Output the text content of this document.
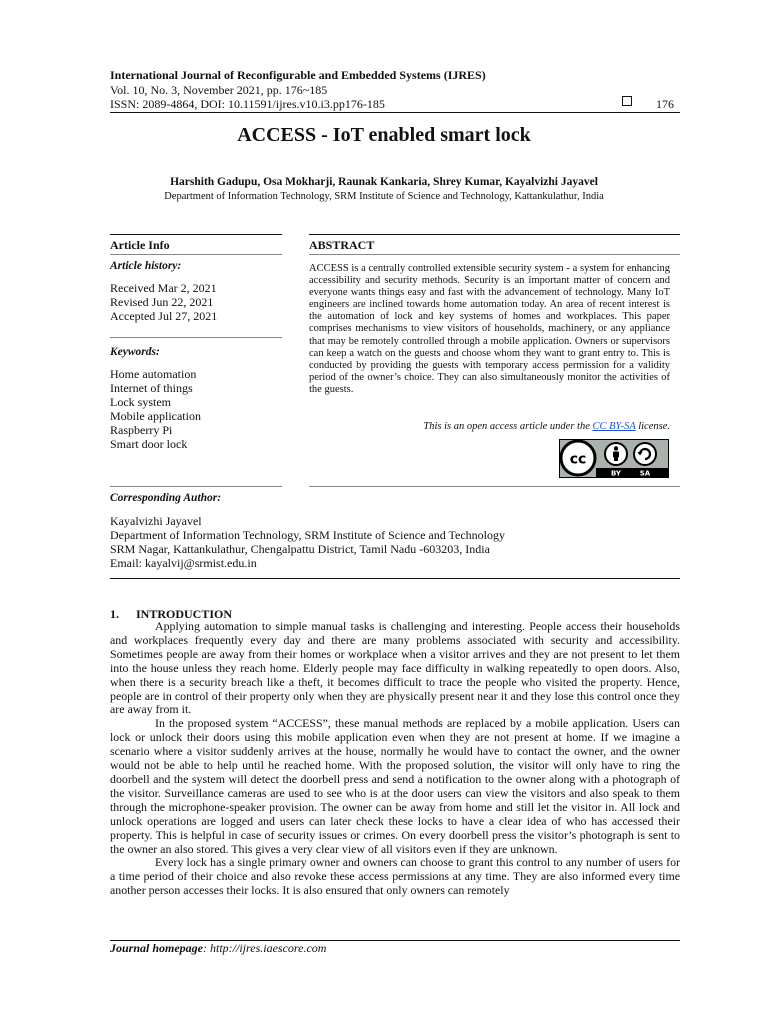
International Journal of Reconfigurable and Embedded Systems (IJRES)
Vol. 10, No. 3, November 2021, pp. 176~185
ISSN: 2089-4864, DOI: 10.11591/ijres.v10.i3.pp176-185	176
ACCESS - IoT enabled smart lock
Harshith Gadupu, Osa Mokharji, Raunak Kankaria, Shrey Kumar, Kayalvizhi Jayavel
Department of Information Technology, SRM Institute of Science and Technology, Kattankulathur, India
Article Info
Article history:
Received Mar 2, 2021
Revised Jun 22, 2021
Accepted Jul 27, 2021
Keywords:
Home automation
Internet of things
Lock system
Mobile application
Raspberry Pi
Smart door lock
ABSTRACT
ACCESS is a centrally controlled extensible security system - a system for enhancing accessibility and security methods. Security is an important matter of concern and everyone wants things easy and fast with the advancement of technology. Many IoT engineers are inclined towards home automation today. An area of recent interest is the automation of lock and key systems of homes and workplaces. This paper comprises mechanisms to view visitors of households, machinery, or any appliance that may be remotely controlled through a mobile application. Owners or supervisors can keep a watch on the guests and choose whom they want to grant entry to. This is conducted by providing the guests with temporary access permission for a validity period of the owner’s choice. They can also simultaneously monitor the activities of the guests.
This is an open access article under the CC BY-SA license.
cc
BY	SA
Corresponding Author:
Kayalvizhi Jayavel
Department of Information Technology, SRM Institute of Science and Technology
SRM Nagar, Kattankulathur, Chengalpattu District, Tamil Nadu -603203, India
Email: kayalvij@srmist.edu.in
1. INTRODUCTION

Applying automation to simple manual tasks is challenging and interesting. People access their households and workplaces frequently every day and there are many problems associated with security and accessibility. Sometimes people are away from their homes or workplace when a visitor arrives and they are not present to let them into the house unless they reach home. Elderly people may face difficulty in walking repeatedly to open doors. Also, when there is a security breach like a theft, it becomes difficult to trace the people who visited the property. Hence, people are in control of their property only when they are physically present near it and they lose this control once they are away from it.

In the proposed system “ACCESS”, these manual methods are replaced by a mobile application. Users can lock or unlock their doors using this mobile application even when they are not present at home. If we imagine a scenario where a visitor suddenly arrives at the house, normally he would have to contact the owner, and the owner would not be able to help until he reached home. With the proposed solution, the visitor will only have to ring the doorbell and the system will detect the doorbell press and send a notification to the owner along with a photograph of the visitor. Surveillance cameras are used to see who is at the door users can view the visitors and also speak to them through the microphone-speaker provision. The owner can be away from home and still let the visitor in. All lock and unlock operations are logged and users can later check these locks to have a clear idea of who has accessed their property. This is helpful in case of security issues or crimes. On every doorbell press the visitor’s photograph is sent to the owner an also stored. This gives a very clear view of all visitors even if they are unknown.

Every lock has a single primary owner and owners can choose to grant this control to any number of users for a time period of their choice and also revoke these access permissions at any time. They are also informed every time another person accesses their locks. It is also ensured that only owners can remotely

Journal homepage: http://ijres.iaescore.com
